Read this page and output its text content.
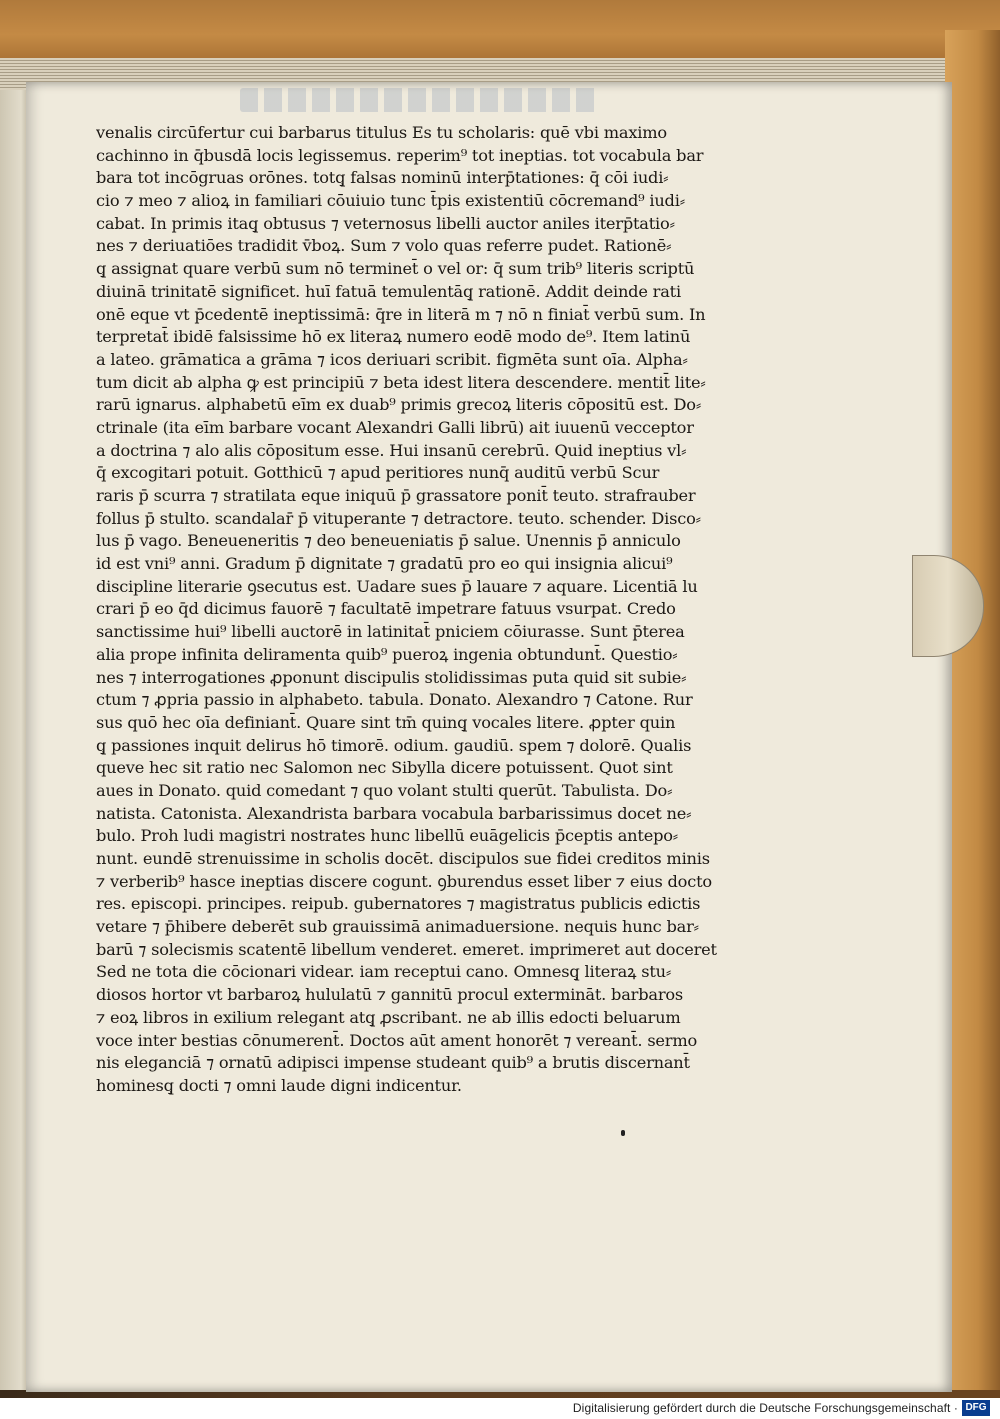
venalis circūfertur cui barbarus titulus Es tu scholaris: quē vbi maximo
cachinno in q̄busdā locis legissemus. reperim⁹ tot ineptias. tot vocabula bar
bara tot incōgruas orōnes. totq̧ falsas nominū interp̄tationes: q̄ cōi iudi⸗
cio ⁊ meo ⁊ alioꝝ in familiari cōuiuio tunc t̄pis existentiū cōcremand⁹ iudi⸗
cabat. In primis itaq̧ obtusus ⁊ veternosus libelli auctor aniles iterp̄tatio⸗
nes ⁊ deriuatiōes tradidit v̄boꝝ. Sum ⁊ volo quas referre pudet. Rationē⸗
q̧ assignat quare verbū sum nō terminet̄ o vel or: q̄ sum trib⁹ literis scriptū
diuinā trinitatē significet. huī fatuā temulentāq̧ rationē. Addit deinde rati
onē eque vt p̄cedentē ineptissimā: q̄re in literā m ⁊ nō n finiat̄ verbū sum. In
terpretat̄ ibidē falsissime hō ex literaꝝ numero eodē modo de⁹. Item latinū
a lateo. grāmatica a grāma ⁊ icos deriuari scribit. figmēta sunt oīa. Alpha⸗
tum dicit ab alpha ꝙ est principiū ⁊ beta idest litera descendere. mentit̄ lite⸗
rarū ignarus. alphabetū eīm ex duab⁹ primis grecoꝝ literis cōpositū est. Do⸗
ctrinale (ita eīm barbare vocant Alexandri Galli librū) ait iuuenū vecceptor
a doctrina ⁊ alo alis cōpositum esse. Hui insanū cerebrū. Quid ineptius vl⸗
q̄ excogitari potuit. Gotthicū ⁊ apud peritiores nunq̄ auditū verbū Scur
raris p̄ scurra ⁊ stratilata eque iniquū p̄ grassatore ponit̄ teuto. strafrauber
follus p̄ stulto. scandalar̄ p̄ vituperante ⁊ detractore. teuto. schender. Disco⸗
lus p̄ vago. Beneueneritis ⁊ deo beneueniatis p̄ salue. Unennis p̄ anniculo
id est vni⁹ anni. Gradum p̄ dignitate ⁊ gradatū pro eo qui insignia alicui⁹
discipline literarie ꝯsecutus est. Uadare sues p̄ lauare ⁊ aquare. Licentiā lu
crari p̄ eo q̄d dicimus fauorē ⁊ facultatē impetrare fatuus vsurpat. Credo
sanctissime hui⁹ libelli auctorē in latinitat̄ pniciem cōiurasse. Sunt p̄terea
alia prope infinita deliramenta quib⁹ pueroꝝ ingenia obtundunt̄. Questio⸗
nes ⁊ interrogationes ꝓponunt discipulis stolidissimas puta quid sit subie⸗
ctum ⁊ ꝓpria passio in alphabeto. tabula. Donato. Alexandro ⁊ Catone. Rur
sus quō hec oīa definiant̄. Quare sint tm̄ quinq̧ vocales litere. ꝓpter quin
q̧ passiones inquit delirus hō timorē. odium. gaudiū. spem ⁊ dolorē. Qualis
queve hec sit ratio nec Salomon nec Sibylla dicere potuissent. Quot sint
aues in Donato. quid comedant ⁊ quo volant stulti querūt. Tabulista. Do⸗
natista. Catonista. Alexandrista barbara vocabula barbarissimus docet ne⸗
bulo. Proh ludi magistri nostrates hunc libellū euāgelicis p̄ceptis antepo⸗
nunt. eundē strenuissime in scholis docēt. discipulos sue fidei creditos minis
⁊ verberib⁹ hasce ineptias discere cogunt. ꝯburendus esset liber ⁊ eius docto
res. episcopi. principes. reipub. gubernatores ⁊ magistratus publicis edictis
vetare ⁊ p̄hibere deberēt sub grauissimā animaduersione. nequis hunc bar⸗
barū ⁊ solecismis scatentē libellum venderet. emeret. imprimeret aut doceret
Sed ne tota die cōcionari videar. iam receptui cano. Omnesq̧ literaꝝ stu⸗
diosos hortor vt barbaroꝝ hululatū ⁊ gannitū procul extermināt. barbaros
⁊ eoꝝ libros in exilium relegant atq̧ ꝓscribant. ne ab illis edocti beluarum
voce inter bestias cōnumerent̄. Doctos aūt ament honorēt ⁊ vereant̄. sermo
nis eleganciā ⁊ ornatū adipisci impense studeant quib⁹ a brutis discernant̄
hominesq̧ docti ⁊ omni laude digni indicentur.
Digitalisierung gefördert durch die Deutsche Forschungsgemeinschaft · DFG
